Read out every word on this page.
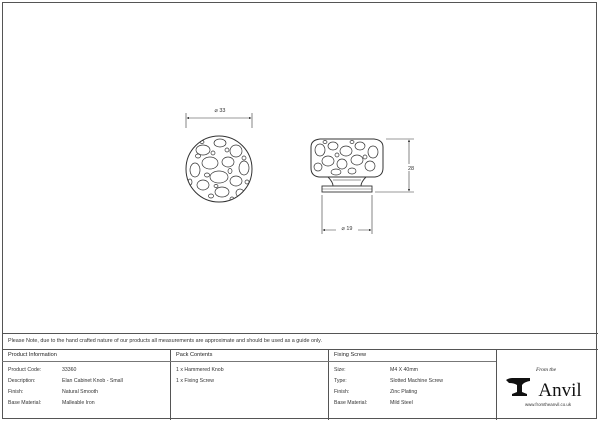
⌀ 33
28
⌀ 19
Please Note, due to the hand crafted nature of our products all measurements are approximate and should be used as a guide only.
Product Information
Product Code:	33360
Description:	Elan Cabinet Knob - Small
Finish:	Natural Smooth
Base Material:	Malleable Iron
Pack Contents
1 x Hammered Knob
1 x Fixing Screw
Fixing Screw
Size:	M4 X 40mm
Type:	Slotted Machine Screw
Finish:	Zinc Plating
Base Material:	Mild Steel
From the
Anvil
www.fromtheanvil.co.uk
